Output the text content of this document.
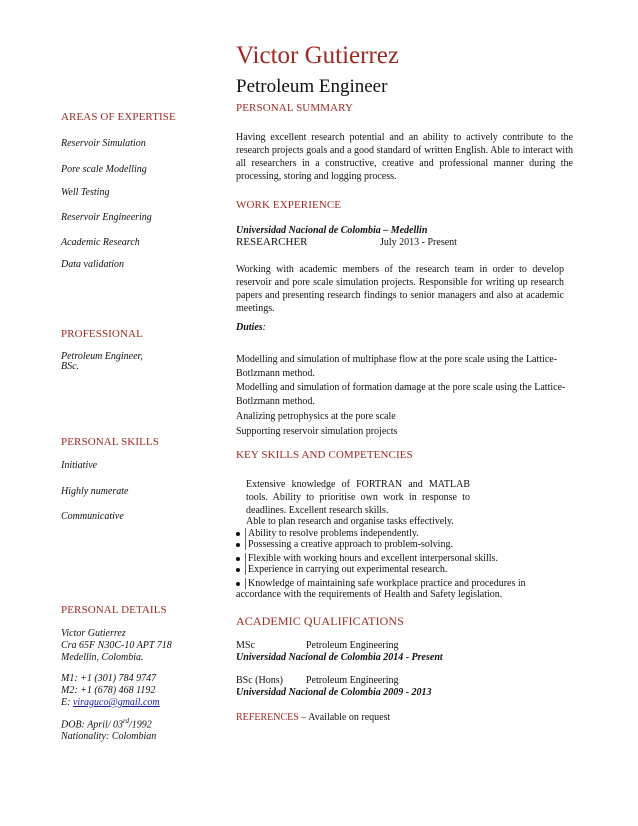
Victor Gutierrez
Petroleum Engineer
AREAS OF EXPERTISE
Reservoir Simulation
Pore scale Modelling
Well Testing
Reservoir Engineering
Academic Research
Data validation
PROFESSIONAL
Petroleum Engineer,
BSc.
PERSONAL SKILLS
Initiative
Highly numerate
Communicative
PERSONAL DETAILS
Victor Gutierrez
Cra 65F N30C-10 APT 718
Medellin, Colombia.
M1: +1 (301) 784 9747
M2: +1 (678) 468 1192
E: viraguco@gmail.com
DOB: April/ 03rd/1992
Nationality: Colombian
PERSONAL SUMMARY
Having excellent research potential and an ability to actively contribute to the research projects goals and a good standard of written English. Able to interact with all researchers in a constructive, creative and professional manner during the processing, storing and logging process.
WORK EXPERIENCE
Universidad Nacional de Colombia – Medellin
RESEARCHER	July 2013 - Present
Working with academic members of the research team in order to develop reservoir and pore scale simulation projects. Responsible for writing up research papers and presenting research findings to senior managers and also at academic meetings.
Duties:
Modelling and simulation of multiphase flow at the pore scale using the Lattice-
Botlzmann method.
Modelling and simulation of formation damage at the pore scale using the Lattice-
Botlzmann method.
Analizing petrophysics at the pore scale
Supporting reservoir simulation projects
KEY SKILLS AND COMPETENCIES
Extensive knowledge of FORTRAN and MATLAB tools. Ability to prioritise own work in response to deadlines. Excellent research skills.
Able to plan research and organise tasks effectively.
Ability to resolve problems independently.
Possessing a creative approach to problem-solving.
Flexible with working hours and excellent interpersonal skills.
Experience in carrying out experimental research.
Knowledge of maintaining safe workplace practice and procedures in
accordance with the requirements of Health and Safety legislation.
ACADEMIC QUALIFICATIONS
MSc	Petroleum Engineering
Universidad Nacional de Colombia 2014 - Present
BSc (Hons) Petroleum Engineering
Universidad Nacional de Colombia 2009 - 2013
REFERENCES – Available on request
